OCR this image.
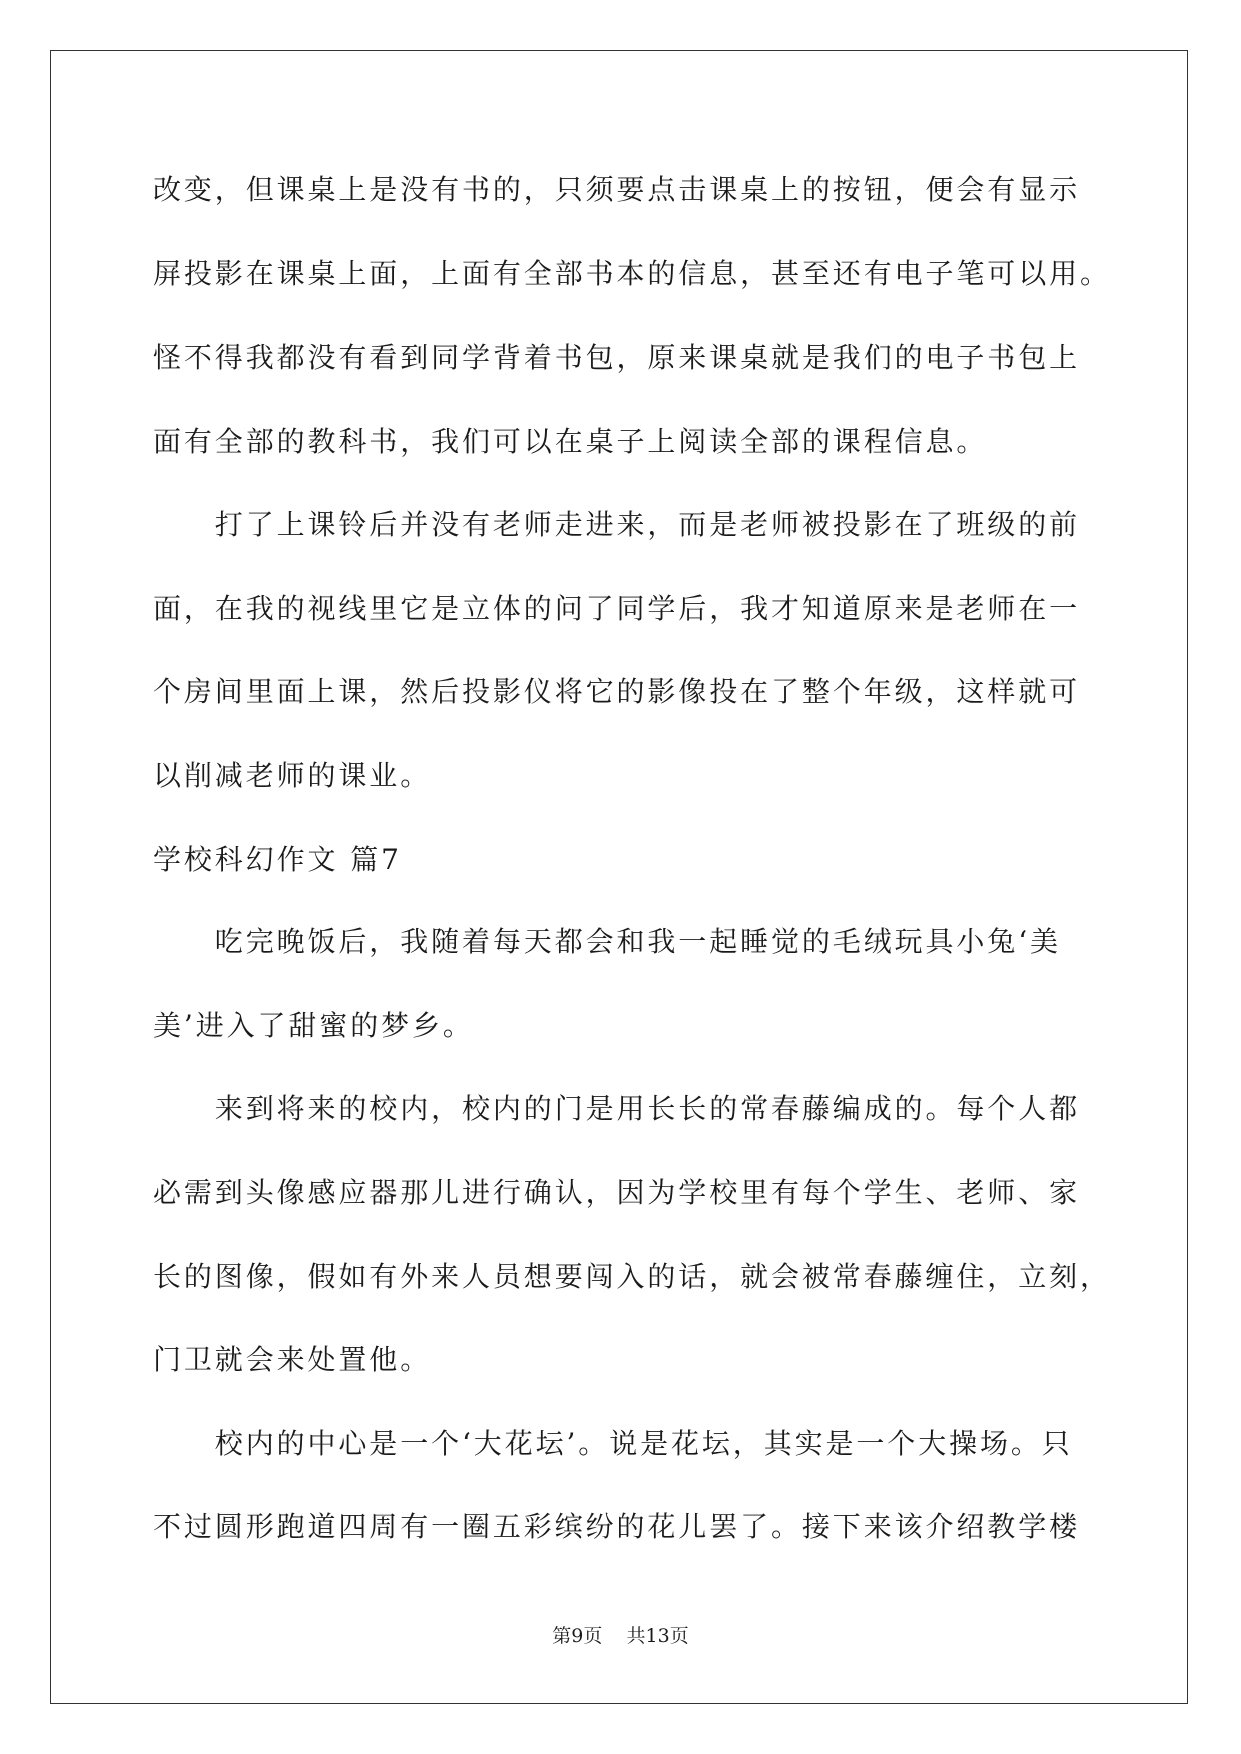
改变，但课桌上是没有书的，只须要点击课桌上的按钮，便会有显示
屏投影在课桌上面，上面有全部书本的信息，甚至还有电子笔可以用。
怪不得我都没有看到同学背着书包，原来课桌就是我们的电子书包上
面有全部的教科书，我们可以在桌子上阅读全部的课程信息。
　　打了上课铃后并没有老师走进来，而是老师被投影在了班级的前
面，在我的视线里它是立体的问了同学后，我才知道原来是老师在一
个房间里面上课，然后投影仪将它的影像投在了整个年级，这样就可
以削减老师的课业。
学校科幻作文 篇7
　　吃完晚饭后，我随着每天都会和我一起睡觉的毛绒玩具小兔‘美
美’进入了甜蜜的梦乡。
　　来到将来的校内，校内的门是用长长的常春藤编成的。每个人都
必需到头像感应器那儿进行确认，因为学校里有每个学生、老师、家
长的图像，假如有外来人员想要闯入的话，就会被常春藤缠住，立刻，
门卫就会来处置他。
　　校内的中心是一个‘大花坛’。说是花坛，其实是一个大操场。只
不过圆形跑道四周有一圈五彩缤纷的花儿罢了。接下来该介绍教学楼
第9页 共13页
